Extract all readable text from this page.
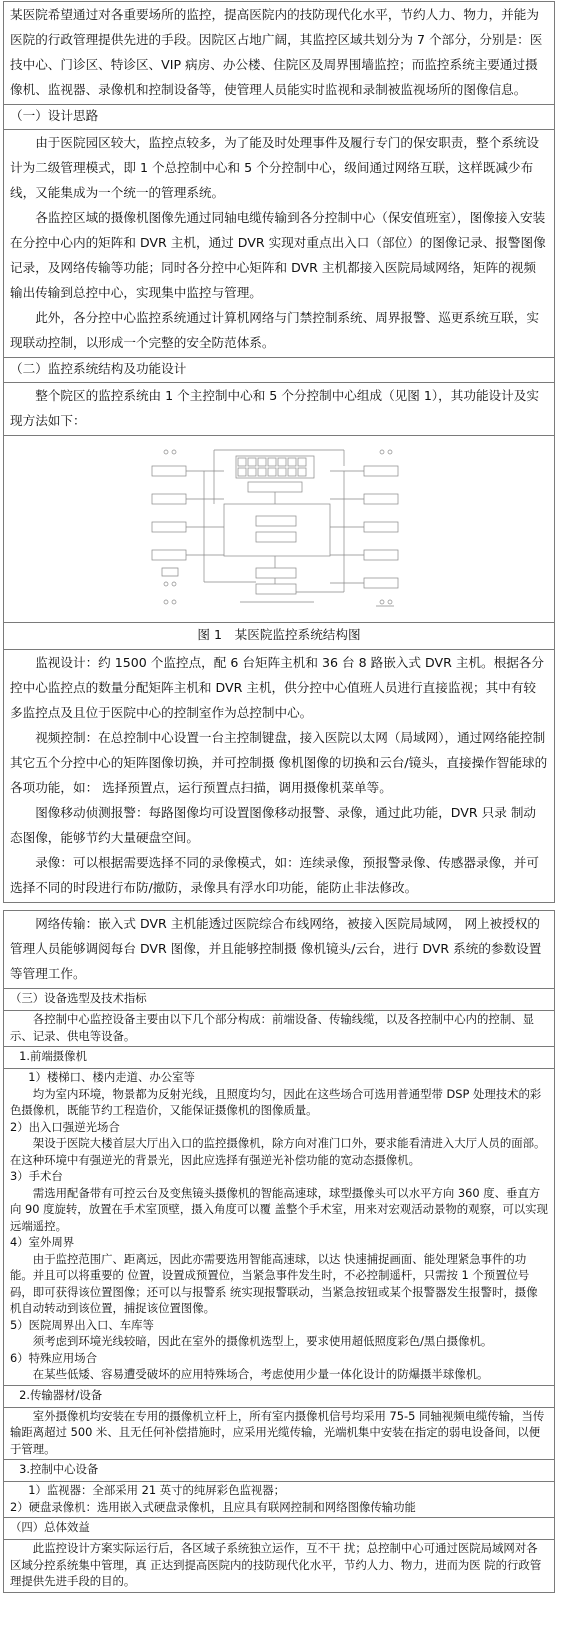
某医院希望通过对各重要场所的监控，提高医院内的技防现代化水平，节约人力、物力，并能为医院的行政管理提供先进的手段。因院区占地广阔，其监控区域共划分为 7 个部分，分别是：医技中心、门诊区、特诊区、VIP 病房、办公楼、住院区及周界围墙监控；而监控系统主要通过摄像机、监视器、录像机和控制设备等，使管理人员能实时监视和录制被监视场所的图像信息。

（一）设计思路

由于医院园区较大，监控点较多，为了能及时处理事件及履行专门的保安职责，整个系统设计为二级管理模式，即 1 个总控制中心和 5 个分控制中心，级间通过网络互联，这样既减少布线，又能集成为一个统一的管理系统。

各监控区域的摄像机图像先通过同轴电缆传输到各分控制中心（保安值班室），图像接入安装在分控中心内的矩阵和 DVR 主机，通过 DVR 实现对重点出入口（部位）的图像记录、报警图像记录，及网络传输等功能；同时各分控中心矩阵和 DVR 主机都接入医院局域网络，矩阵的视频输出传输到总控中心，实现集中监控与管理。

此外，各分控中心监控系统通过计算机网络与门禁控制系统、周界报警、巡更系统互联，实现联动控制，以形成一个完整的安全防范体系。

（二）监控系统结构及功能设计

整个院区的监控系统由 1 个主控制中心和 5 个分控制中心组成（见图 1），其功能设计及实现方法如下：

图 1　某医院监控系统结构图

监视设计：约 1500 个监控点，配 6 台矩阵主机和 36 台 8 路嵌入式 DVR 主机。根据各分控中心监控点的数量分配矩阵主机和 DVR 主机，供分控中心值班人员进行直接监视；其中有较多监控点及且位于医院中心的控制室作为总控制中心。

视频控制：在总控制中心设置一台主控制键盘，接入医院以太网（局域网），通过网络能控制其它五个分控中心的矩阵图像切换，并可控制摄 像机图像的切换和云台/镜头，直接操作智能球的各项功能，如： 选择预置点，运行预置点扫描，调用摄像机菜单等。

图像移动侦测报警：每路图像均可设置图像移动报警、录像，通过此功能，DVR 只录 制动态图像，能够节约大量硬盘空间。

录像：可以根据需要选择不同的录像模式，如：连续录像，预报警录像、传感器录像，并可选择不同的时段进行布防/撤防，录像具有浮水印功能，能防止非法修改。

网络传输：嵌入式 DVR 主机能透过医院综合布线网络，被接入医院局域网， 网上被授权的管理人员能够调阅每台 DVR 图像，并且能够控制摄 像机镜头/云台，进行 DVR 系统的参数设置等管理工作。

（三）设备选型及技术指标

各控制中心监控设备主要由以下几个部分构成：前端设备、传输线缆，以及各控制中心内的控制、显示、记录、供电等设备。

1.前端摄像机

1）楼梯口、楼内走道、办公室等

均为室内环境，物景都为反射光线，且照度均匀，因此在这些场合可选用普通型带 DSP 处理技术的彩色摄像机，既能节约工程造价，又能保证摄像机的图像质量。

2）出入口强逆光场合

架设于医院大楼首层大厅出入口的监控摄像机，除方向对准门口外，要求能看清进入大厅人员的面部。在这种环境中有强逆光的背景光，因此应选择有强逆光补偿功能的宽动态摄像机。

3）手术台

需选用配备带有可控云台及变焦镜头摄像机的智能高速球，球型摄像头可以水平方向 360 度、垂直方向 90 度旋转，放置在手术室顶壁，摄入角度可以覆 盖整个手术室，用来对宏观活动景物的观察，可以实现远端遥控。

4）室外周界

由于监控范围广、距离远，因此亦需要选用智能高速球，以达 快速捕捉画面、能处理紧急事件的功能。并且可以将重要的 位置，设置成预置位，当紧急事件发生时，不必控制遥杆，只需按 1 个预置位号码，即可获得该位置图像；还可以与报警系 统实现报警联动，当紧急按钮或某个报警器发生报警时，摄像 机自动转动到该位置，捕捉该位置图像。

5）医院周界出入口、车库等

须考虑到环境光线较暗，因此在室外的摄像机选型上，要求使用超低照度彩色/黑白摄像机。

6）特殊应用场合

在某些低矮、容易遭受破坏的应用特殊场合，考虑使用少量一体化设计的防爆摄半球像机。

2.传输器材/设备

室外摄像机均安装在专用的摄像机立杆上，所有室内摄像机信号均采用 75-5 同轴视频电缆传输，当传输距离超过 500 米、且无任何补偿措施时，应采用光缆传输，光端机集中安装在指定的弱电设备间，以便于管理。

3.控制中心设备

1）监视器：全部采用 21 英寸的纯屏彩色监视器；

2）硬盘录像机：选用嵌入式硬盘录像机，且应具有联网控制和网络图像传输功能

（四）总体效益

此监控设计方案实际运行后，各区域子系统独立运作，互不干 扰；总控制中心可通过医院局域网对各区域分控系统集中管理，真 正达到提高医院内的技防现代化水平，节约人力、物力，进而为医 院的行政管理提供先进手段的目的。
